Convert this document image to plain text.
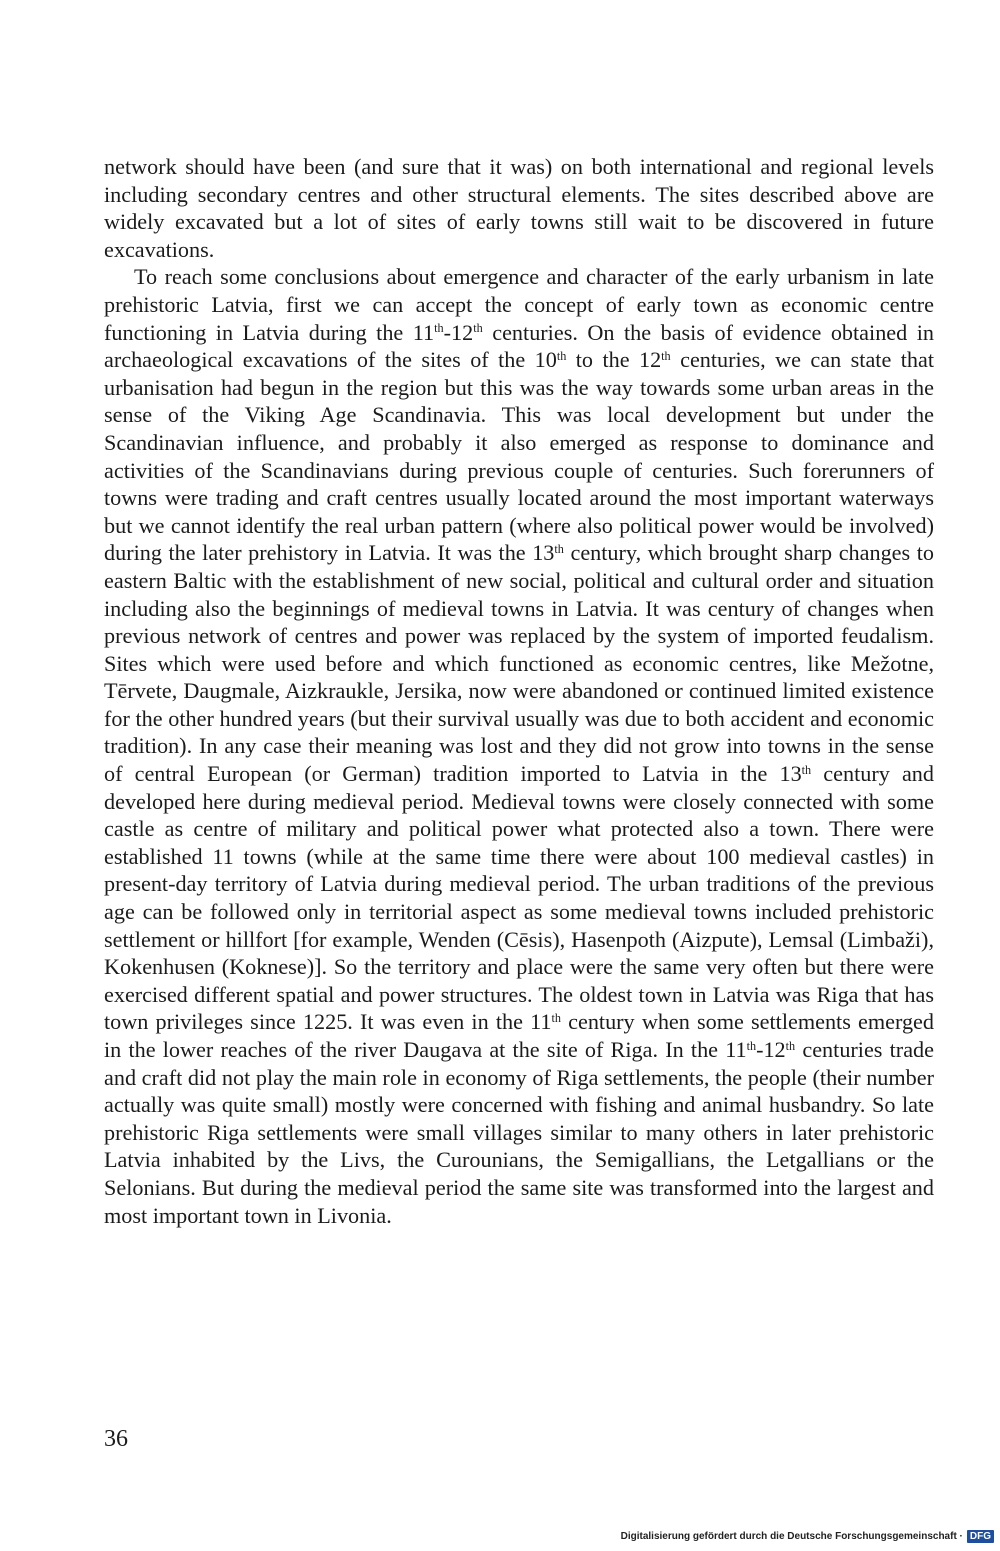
network should have been (and sure that it was) on both international and regional levels including secondary centres and other structural elements. The sites described above are widely excavated but a lot of sites of early towns still wait to be discovered in future excavations.

To reach some conclusions about emergence and character of the early urbanism in late prehistoric Latvia, first we can accept the concept of early town as economic centre functioning in Latvia during the 11th-12th centuries. On the basis of evidence obtained in archaeological excavations of the sites of the 10th to the 12th centuries, we can state that urbanisation had begun in the region but this was the way towards some urban areas in the sense of the Viking Age Scandinavia. This was local development but under the Scandinavian influence, and probably it also emerged as response to dominance and activities of the Scandinavians during previous couple of centuries. Such forerunners of towns were trading and craft centres usually located around the most important waterways but we cannot identify the real urban pattern (where also political power would be involved) during the later prehistory in Latvia. It was the 13th century, which brought sharp changes to eastern Baltic with the establishment of new social, political and cultural order and situation including also the beginnings of medieval towns in Latvia. It was century of changes when previous network of centres and power was replaced by the system of imported feudalism. Sites which were used before and which functioned as economic centres, like Mežotne, Tērvete, Daugmale, Aizkraukle, Jersika, now were abandoned or continued limited existence for the other hundred years (but their survival usually was due to both accident and economic tradition). In any case their meaning was lost and they did not grow into towns in the sense of central European (or German) tradition imported to Latvia in the 13th century and developed here during medieval period. Medieval towns were closely connected with some castle as centre of military and political power what protected also a town. There were established 11 towns (while at the same time there were about 100 medieval castles) in present-day territory of Latvia during medieval period. The urban traditions of the previous age can be followed only in territorial aspect as some medieval towns included prehistoric settlement or hillfort [for example, Wenden (Cēsis), Hasenpoth (Aizpute), Lemsal (Limbaži), Kokenhusen (Koknese)]. So the territory and place were the same very often but there were exercised different spatial and power structures. The oldest town in Latvia was Riga that has town privileges since 1225. It was even in the 11th century when some settlements emerged in the lower reaches of the river Daugava at the site of Riga. In the 11th-12th centuries trade and craft did not play the main role in economy of Riga settlements, the people (their number actually was quite small) mostly were concerned with fishing and animal husbandry. So late prehistoric Riga settlements were small villages similar to many others in later prehistoric Latvia inhabited by the Livs, the Curounians, the Semigallians, the Letgallians or the Selonians. But during the medieval period the same site was transformed into the largest and most important town in Livonia.

36
Digitalisierung gefördert durch die Deutsche Forschungsgemeinschaft · DFG
